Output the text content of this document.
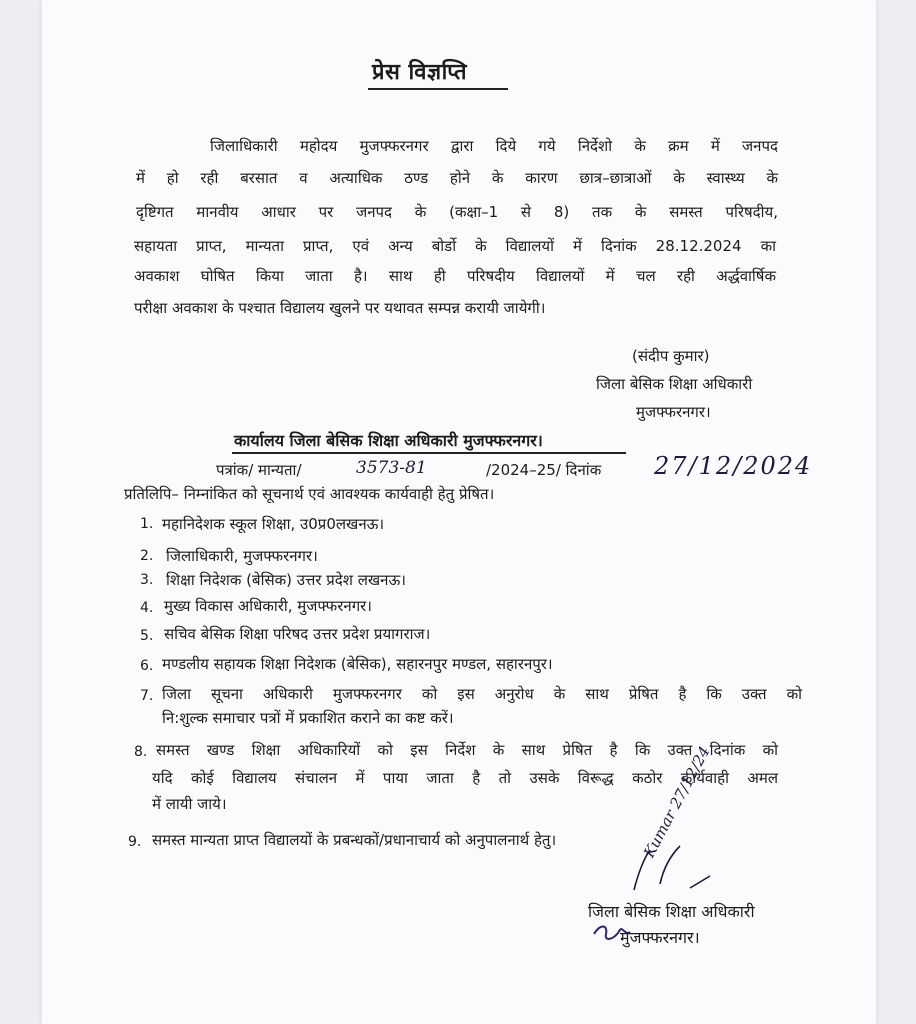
प्रेस विज्ञप्ति
जिलाधिकारी महोदय मुजफ्फरनगर द्वारा दिये गये निर्देशो के क्रम में जनपद
में हो रही बरसात व अत्याधिक ठण्ड होने के कारण छात्र–छात्राओं के स्वास्थ्य के
दृष्टिगत मानवीय आधार पर जनपद के (कक्षा–1 से 8) तक के समस्त परिषदीय,
सहायता प्राप्त, मान्यता प्राप्त, एवं अन्य बोर्डो के विद्यालयों में दिनांक 28.12.2024 का
अवकाश घोषित किया जाता है। साथ ही परिषदीय विद्यालयों में चल रही अर्द्धवार्षिक
परीक्षा अवकाश के पश्चात विद्यालय खुलने पर यथावत सम्पन्न करायी जायेगी।
(संदीप कुमार)
जिला बेसिक शिक्षा अधिकारी
मुजफ्फरनगर।
कार्यालय जिला बेसिक शिक्षा अधिकारी मुजफ्फरनगर।
पत्रांक/ मान्यता/	3573-81	/2024–25/ दिनांक 27/12/2024
प्रतिलिपि– निम्नांकित को सूचनार्थ एवं आवश्यक कार्यवाही हेतु प्रेषित।
1. महानिदेशक स्कूल शिक्षा, उ0प्र0लखनऊ।
2. जिलाधिकारी, मुजफ्फरनगर।
3. शिक्षा निदेशक (बेसिक) उत्तर प्रदेश लखनऊ।
4. मुख्य विकास अधिकारी, मुजफ्फरनगर।
5. सचिव बेसिक शिक्षा परिषद उत्तर प्रदेश प्रयागराज।
6. मण्डलीय सहायक शिक्षा निदेशक (बेसिक), सहारनपुर मण्डल, सहारनपुर।
7. जिला सूचना अधिकारी मुजफ्फरनगर को इस अनुरोध के साथ प्रेषित है कि उक्त को
नि:शुल्क समाचार पत्रों में प्रकाशित कराने का कष्ट करें।
8. समस्त खण्ड शिक्षा अधिकारियों को इस निर्देश के साथ प्रेषित है कि उक्त दिनांक को
यदि कोई विद्यालय संचालन में पाया जाता है तो उसके विरूद्ध कठोर कार्यवाही अमल
में लायी जाये।
9. समस्त मान्यता प्राप्त विद्यालयों के प्रबन्धकों/प्रधानाचार्य को अनुपालनार्थ हेतु।	Kumar 27/12/24
जिला बेसिक शिक्षा अधिकारी
मुजफ्फरनगर।
